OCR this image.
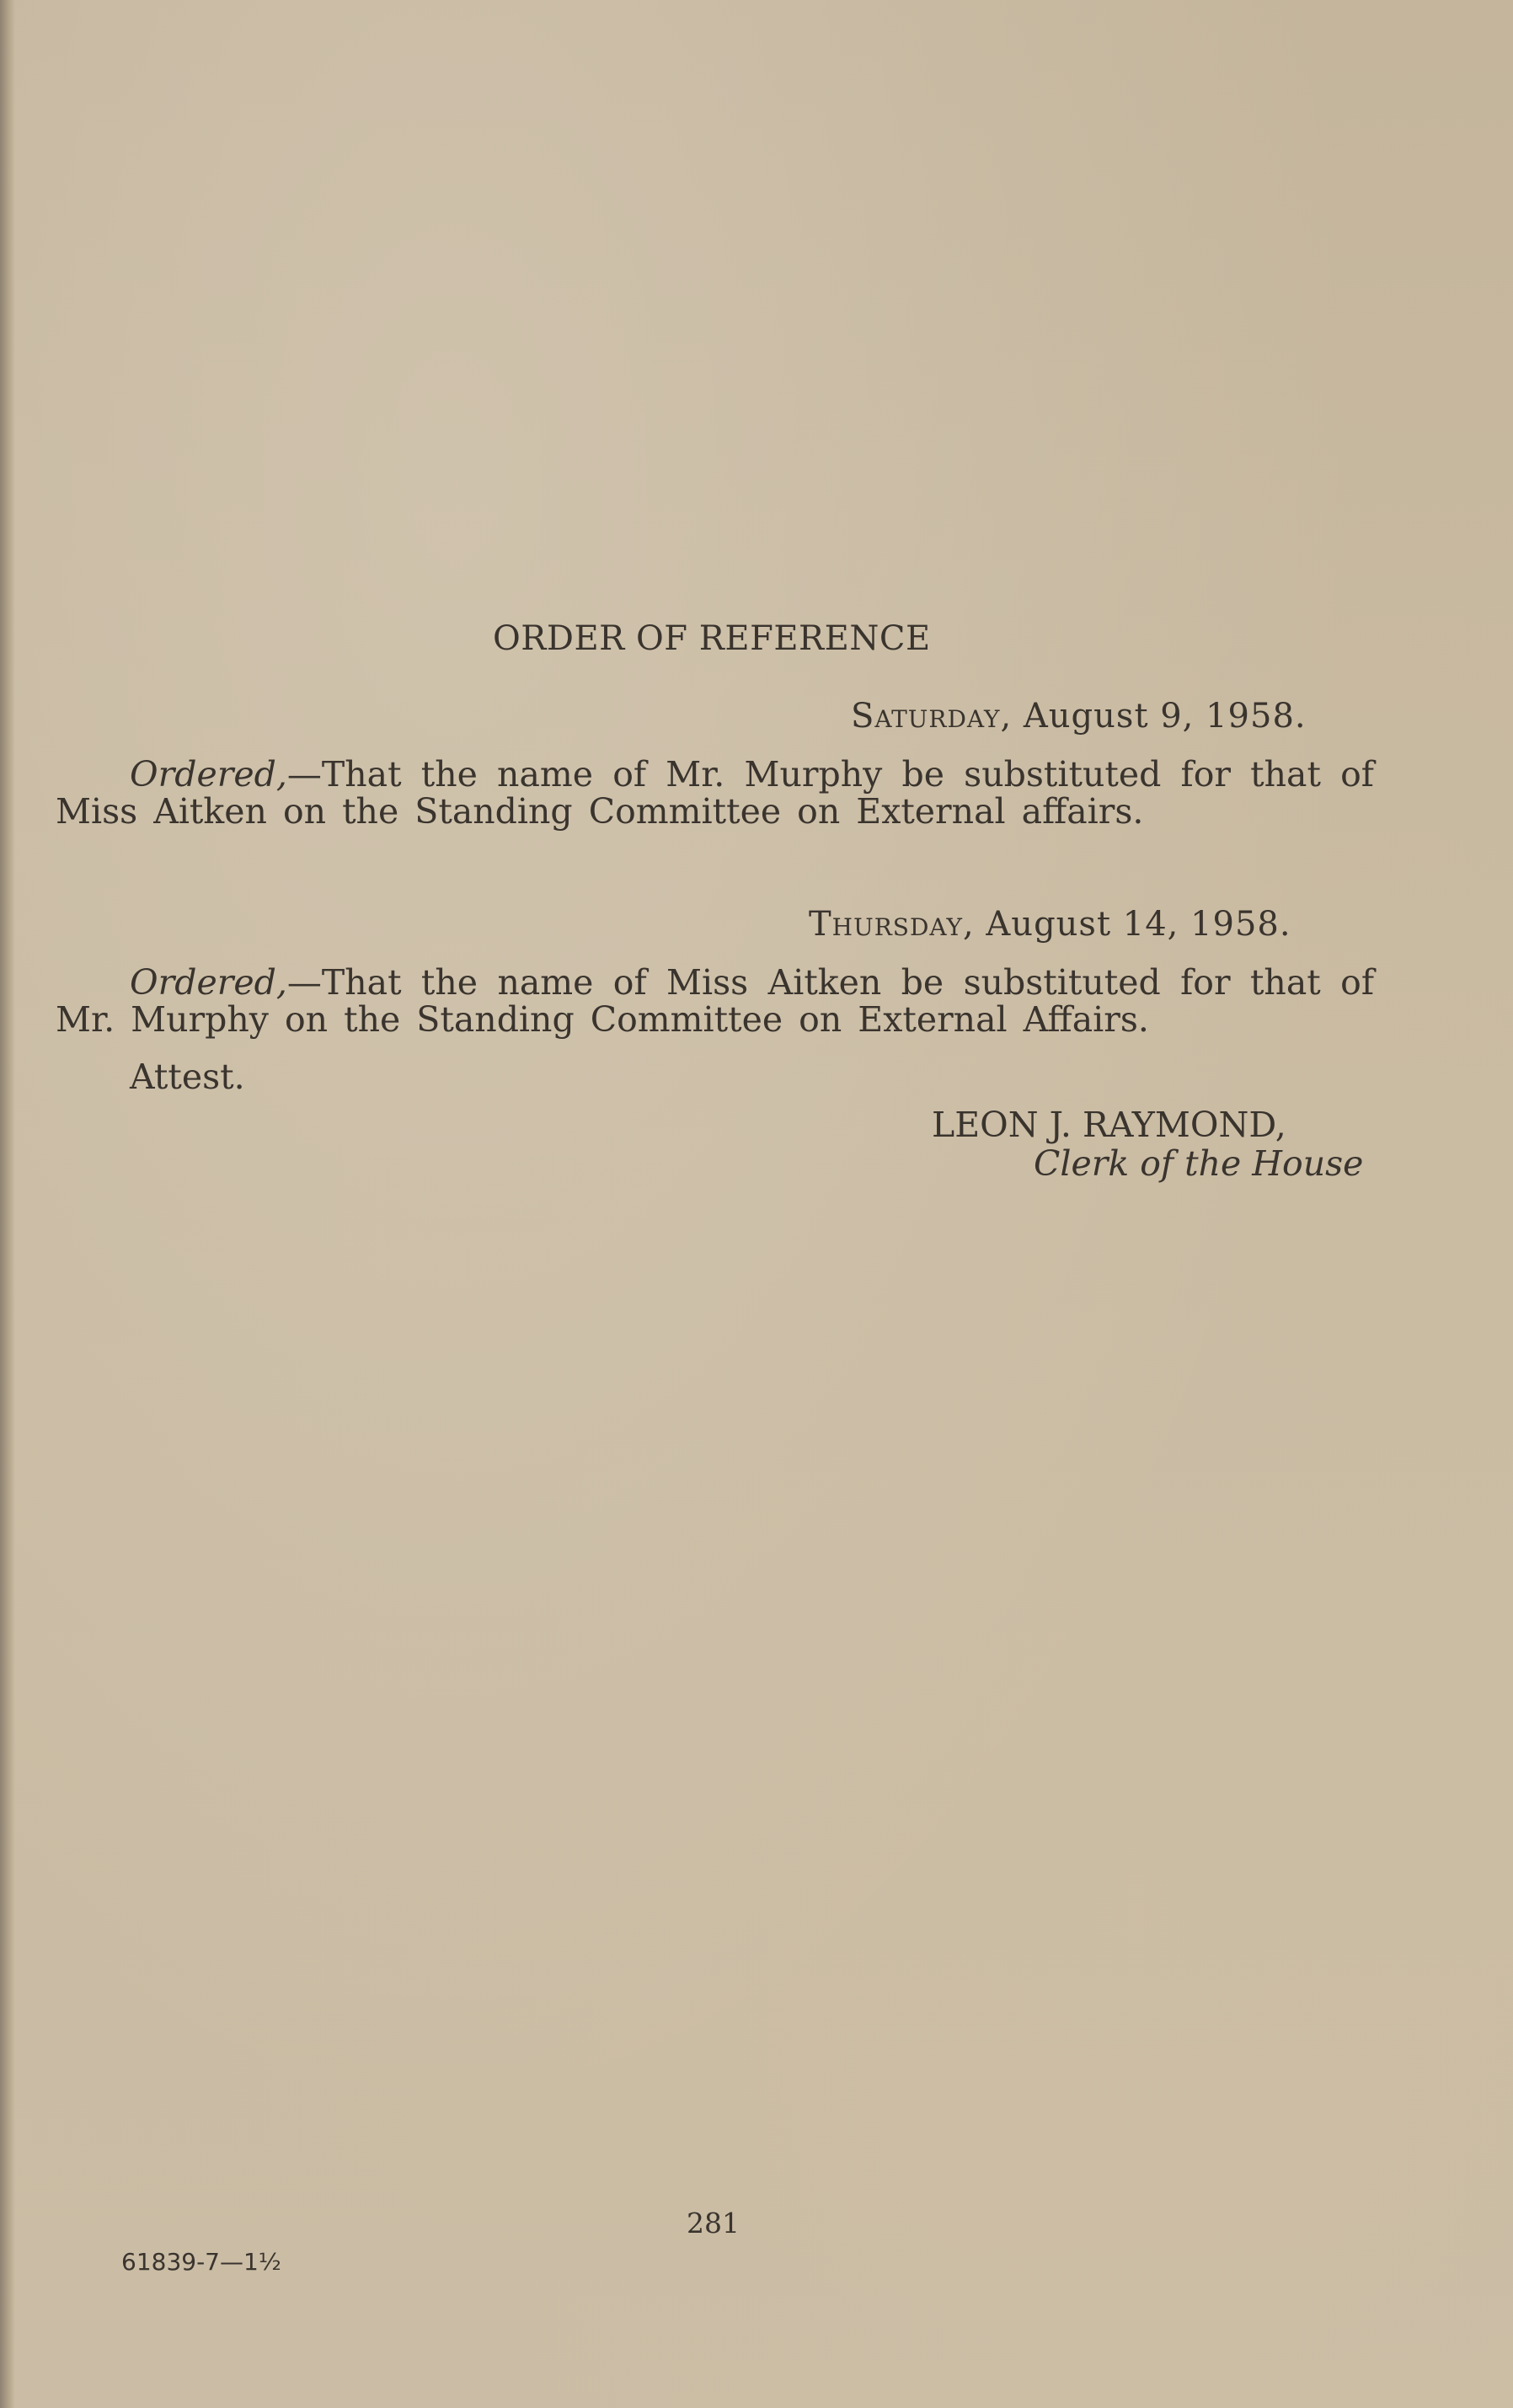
ORDER OF REFERENCE
Saturday, August 9, 1958.
Ordered,—That the name of Mr. Murphy be substituted for that of
Miss Aitken on the Standing Committee on External affairs.
Thursday, August 14, 1958.
Ordered,—That the name of Miss Aitken be substituted for that of
Mr. Murphy on the Standing Committee on External Affairs.
Attest.
LEON J. RAYMOND,
Clerk of the House
281
61839-7—1½
